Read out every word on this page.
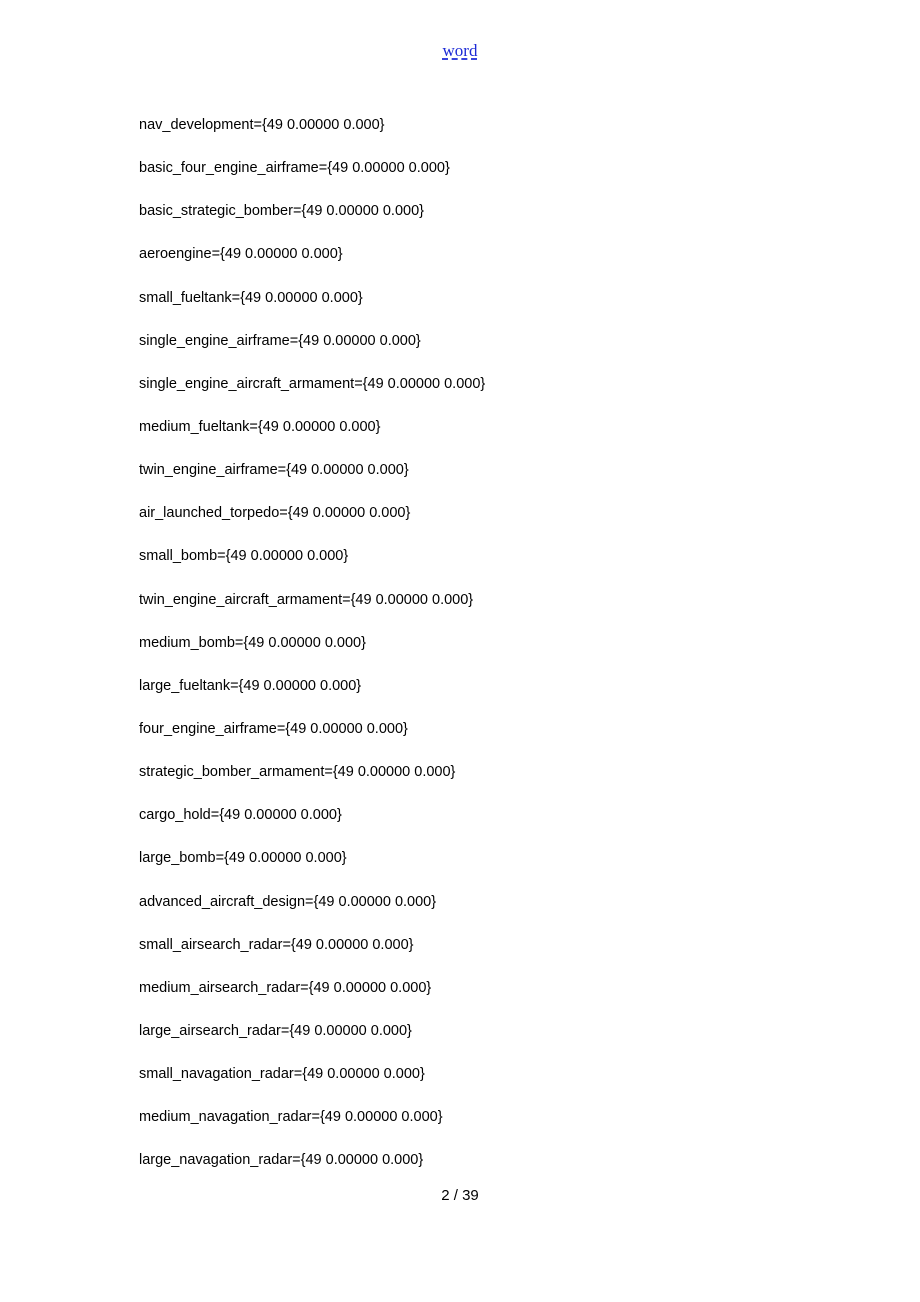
word
nav_development={49 0.00000 0.000}
basic_four_engine_airframe={49 0.00000 0.000}
basic_strategic_bomber={49 0.00000 0.000}
aeroengine={49 0.00000 0.000}
small_fueltank={49 0.00000 0.000}
single_engine_airframe={49 0.00000 0.000}
single_engine_aircraft_armament={49 0.00000 0.000}
medium_fueltank={49 0.00000 0.000}
twin_engine_airframe={49 0.00000 0.000}
air_launched_torpedo={49 0.00000 0.000}
small_bomb={49 0.00000 0.000}
twin_engine_aircraft_armament={49 0.00000 0.000}
medium_bomb={49 0.00000 0.000}
large_fueltank={49 0.00000 0.000}
four_engine_airframe={49 0.00000 0.000}
strategic_bomber_armament={49 0.00000 0.000}
cargo_hold={49 0.00000 0.000}
large_bomb={49 0.00000 0.000}
advanced_aircraft_design={49 0.00000 0.000}
small_airsearch_radar={49 0.00000 0.000}
medium_airsearch_radar={49 0.00000 0.000}
large_airsearch_radar={49 0.00000 0.000}
small_navagation_radar={49 0.00000 0.000}
medium_navagation_radar={49 0.00000 0.000}
large_navagation_radar={49 0.00000 0.000}
2 / 39
